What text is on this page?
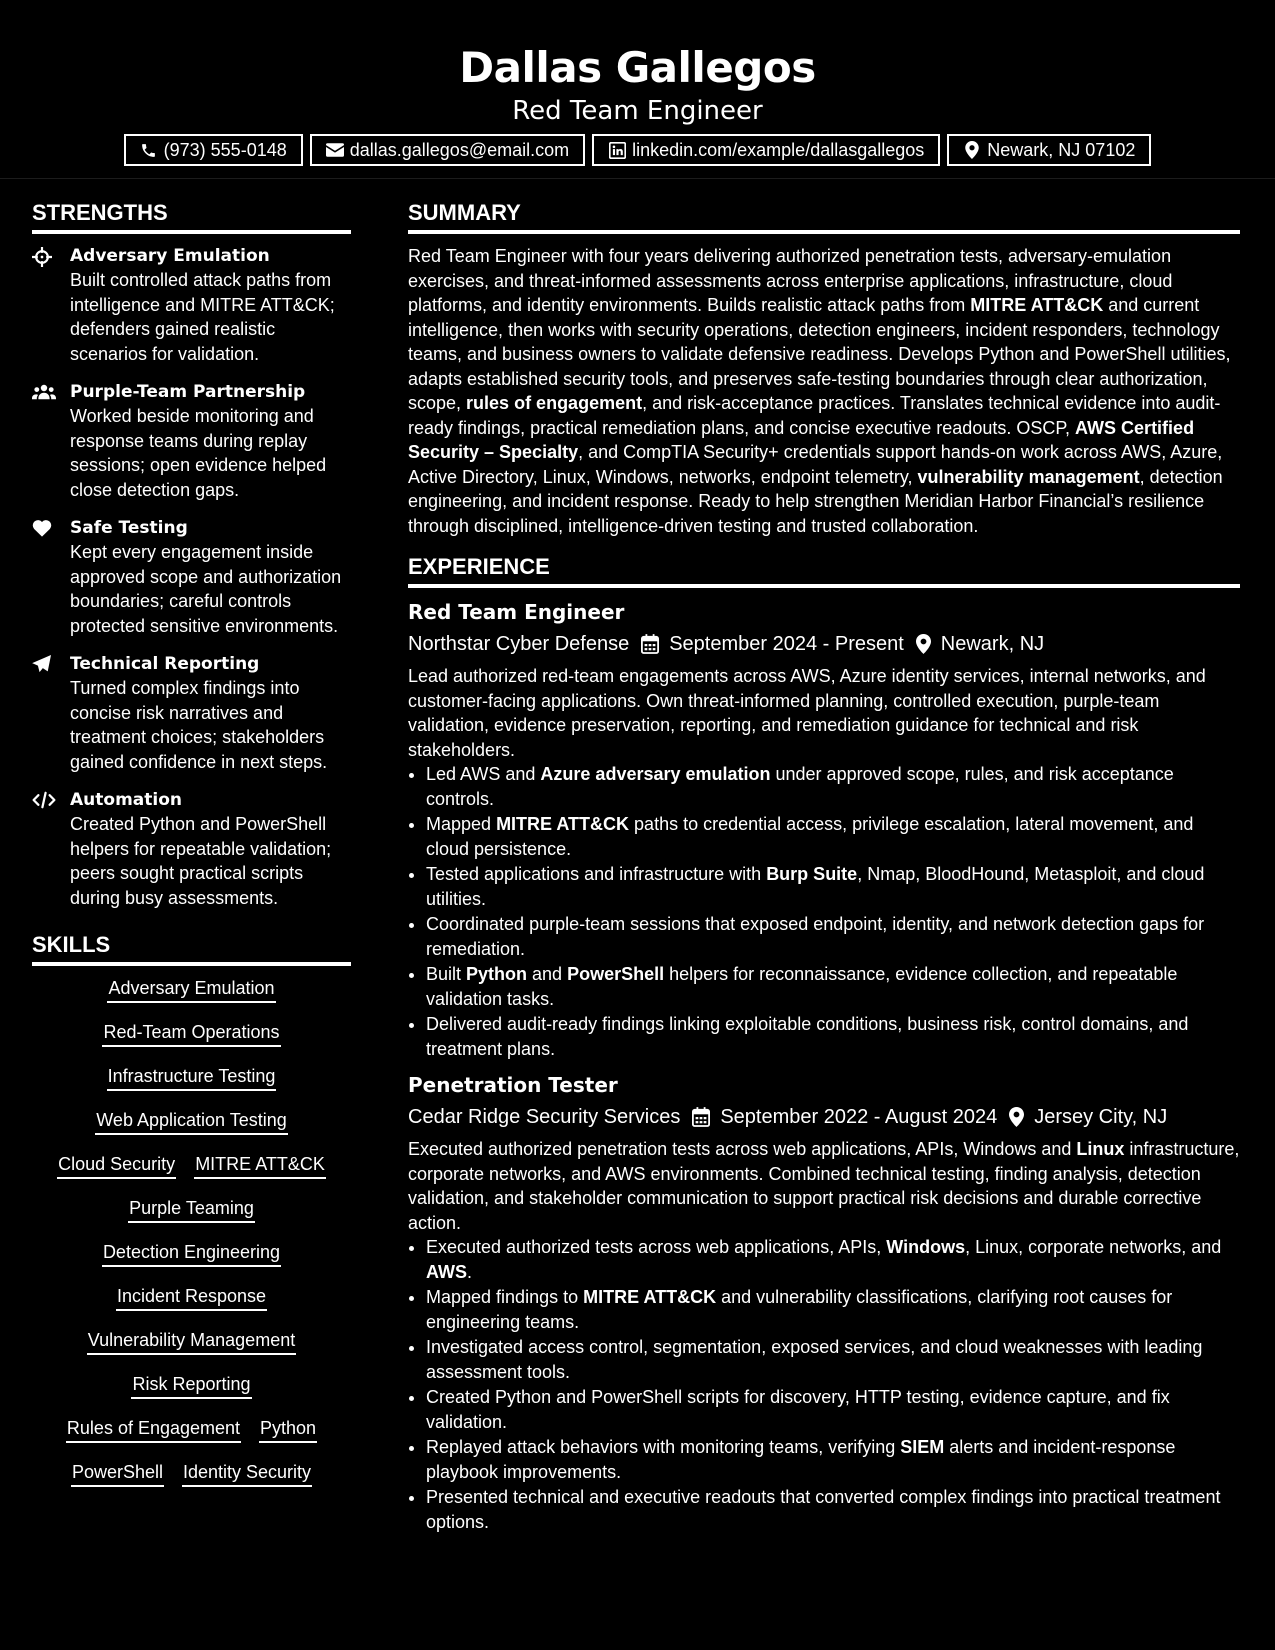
Dallas Gallegos
Red Team Engineer
(973) 555-0148	dallas.gallegos@email.com	linkedin.com/example/dallasgallegos	Newark, NJ 07102
STRENGTHS
Adversary Emulation
Built controlled attack paths from intelligence and MITRE ATT&CK; defenders gained realistic scenarios for validation.
Purple-Team Partnership
Worked beside monitoring and response teams during replay sessions; open evidence helped close detection gaps.
Safe Testing
Kept every engagement inside approved scope and authorization boundaries; careful controls protected sensitive environments.
Technical Reporting
Turned complex findings into concise risk narratives and treatment choices; stakeholders gained confidence in next steps.
Automation
Created Python and PowerShell helpers for repeatable validation; peers sought practical scripts during busy assessments.
SKILLS
Adversary Emulation
Red-Team Operations
Infrastructure Testing
Web Application Testing
Cloud Security MITRE ATT&CK
Purple Teaming
Detection Engineering
Incident Response
Vulnerability Management
Risk Reporting
Rules of Engagement Python
PowerShell Identity Security
SUMMARY
Red Team Engineer with four years delivering authorized penetration tests, adversary-emulation exercises, and threat-informed assessments across enterprise applications, infrastructure, cloud platforms, and identity environments. Builds realistic attack paths from MITRE ATT&CK and current intelligence, then works with security operations, detection engineers, incident responders, technology teams, and business owners to validate defensive readiness. Develops Python and PowerShell utilities, adapts established security tools, and preserves safe-testing boundaries through clear authorization, scope, rules of engagement, and risk-acceptance practices. Translates technical evidence into audit-ready findings, practical remediation plans, and concise executive readouts. OSCP, AWS Certified Security – Specialty, and CompTIA Security+ credentials support hands-on work across AWS, Azure, Active Directory, Linux, Windows, networks, endpoint telemetry, vulnerability management, detection engineering, and incident response. Ready to help strengthen Meridian Harbor Financial’s resilience through disciplined, intelligence-driven testing and trusted collaboration.
EXPERIENCE
Red Team Engineer
Northstar Cyber Defense September 2024 - Present Newark, NJ
Lead authorized red-team engagements across AWS, Azure identity services, internal networks, and customer-facing applications. Own threat-informed planning, controlled execution, purple-team validation, evidence preservation, reporting, and remediation guidance for technical and risk stakeholders.
• Led AWS and Azure adversary emulation under approved scope, rules, and risk acceptance controls.
• Mapped MITRE ATT&CK paths to credential access, privilege escalation, lateral movement, and cloud persistence.
• Tested applications and infrastructure with Burp Suite, Nmap, BloodHound, Metasploit, and cloud utilities.
• Coordinated purple-team sessions that exposed endpoint, identity, and network detection gaps for remediation.
• Built Python and PowerShell helpers for reconnaissance, evidence collection, and repeatable validation tasks.
• Delivered audit-ready findings linking exploitable conditions, business risk, control domains, and treatment plans.
Penetration Tester
Cedar Ridge Security Services September 2022 - August 2024 Jersey City, NJ
Executed authorized penetration tests across web applications, APIs, Windows and Linux infrastructure, corporate networks, and AWS environments. Combined technical testing, finding analysis, detection validation, and stakeholder communication to support practical risk decisions and durable corrective action.
• Executed authorized tests across web applications, APIs, Windows, Linux, corporate networks, and AWS.
• Mapped findings to MITRE ATT&CK and vulnerability classifications, clarifying root causes for engineering teams.
• Investigated access control, segmentation, exposed services, and cloud weaknesses with leading assessment tools.
• Created Python and PowerShell scripts for discovery, HTTP testing, evidence capture, and fix validation.
• Replayed attack behaviors with monitoring teams, verifying SIEM alerts and incident-response playbook improvements.
• Presented technical and executive readouts that converted complex findings into practical treatment options.
